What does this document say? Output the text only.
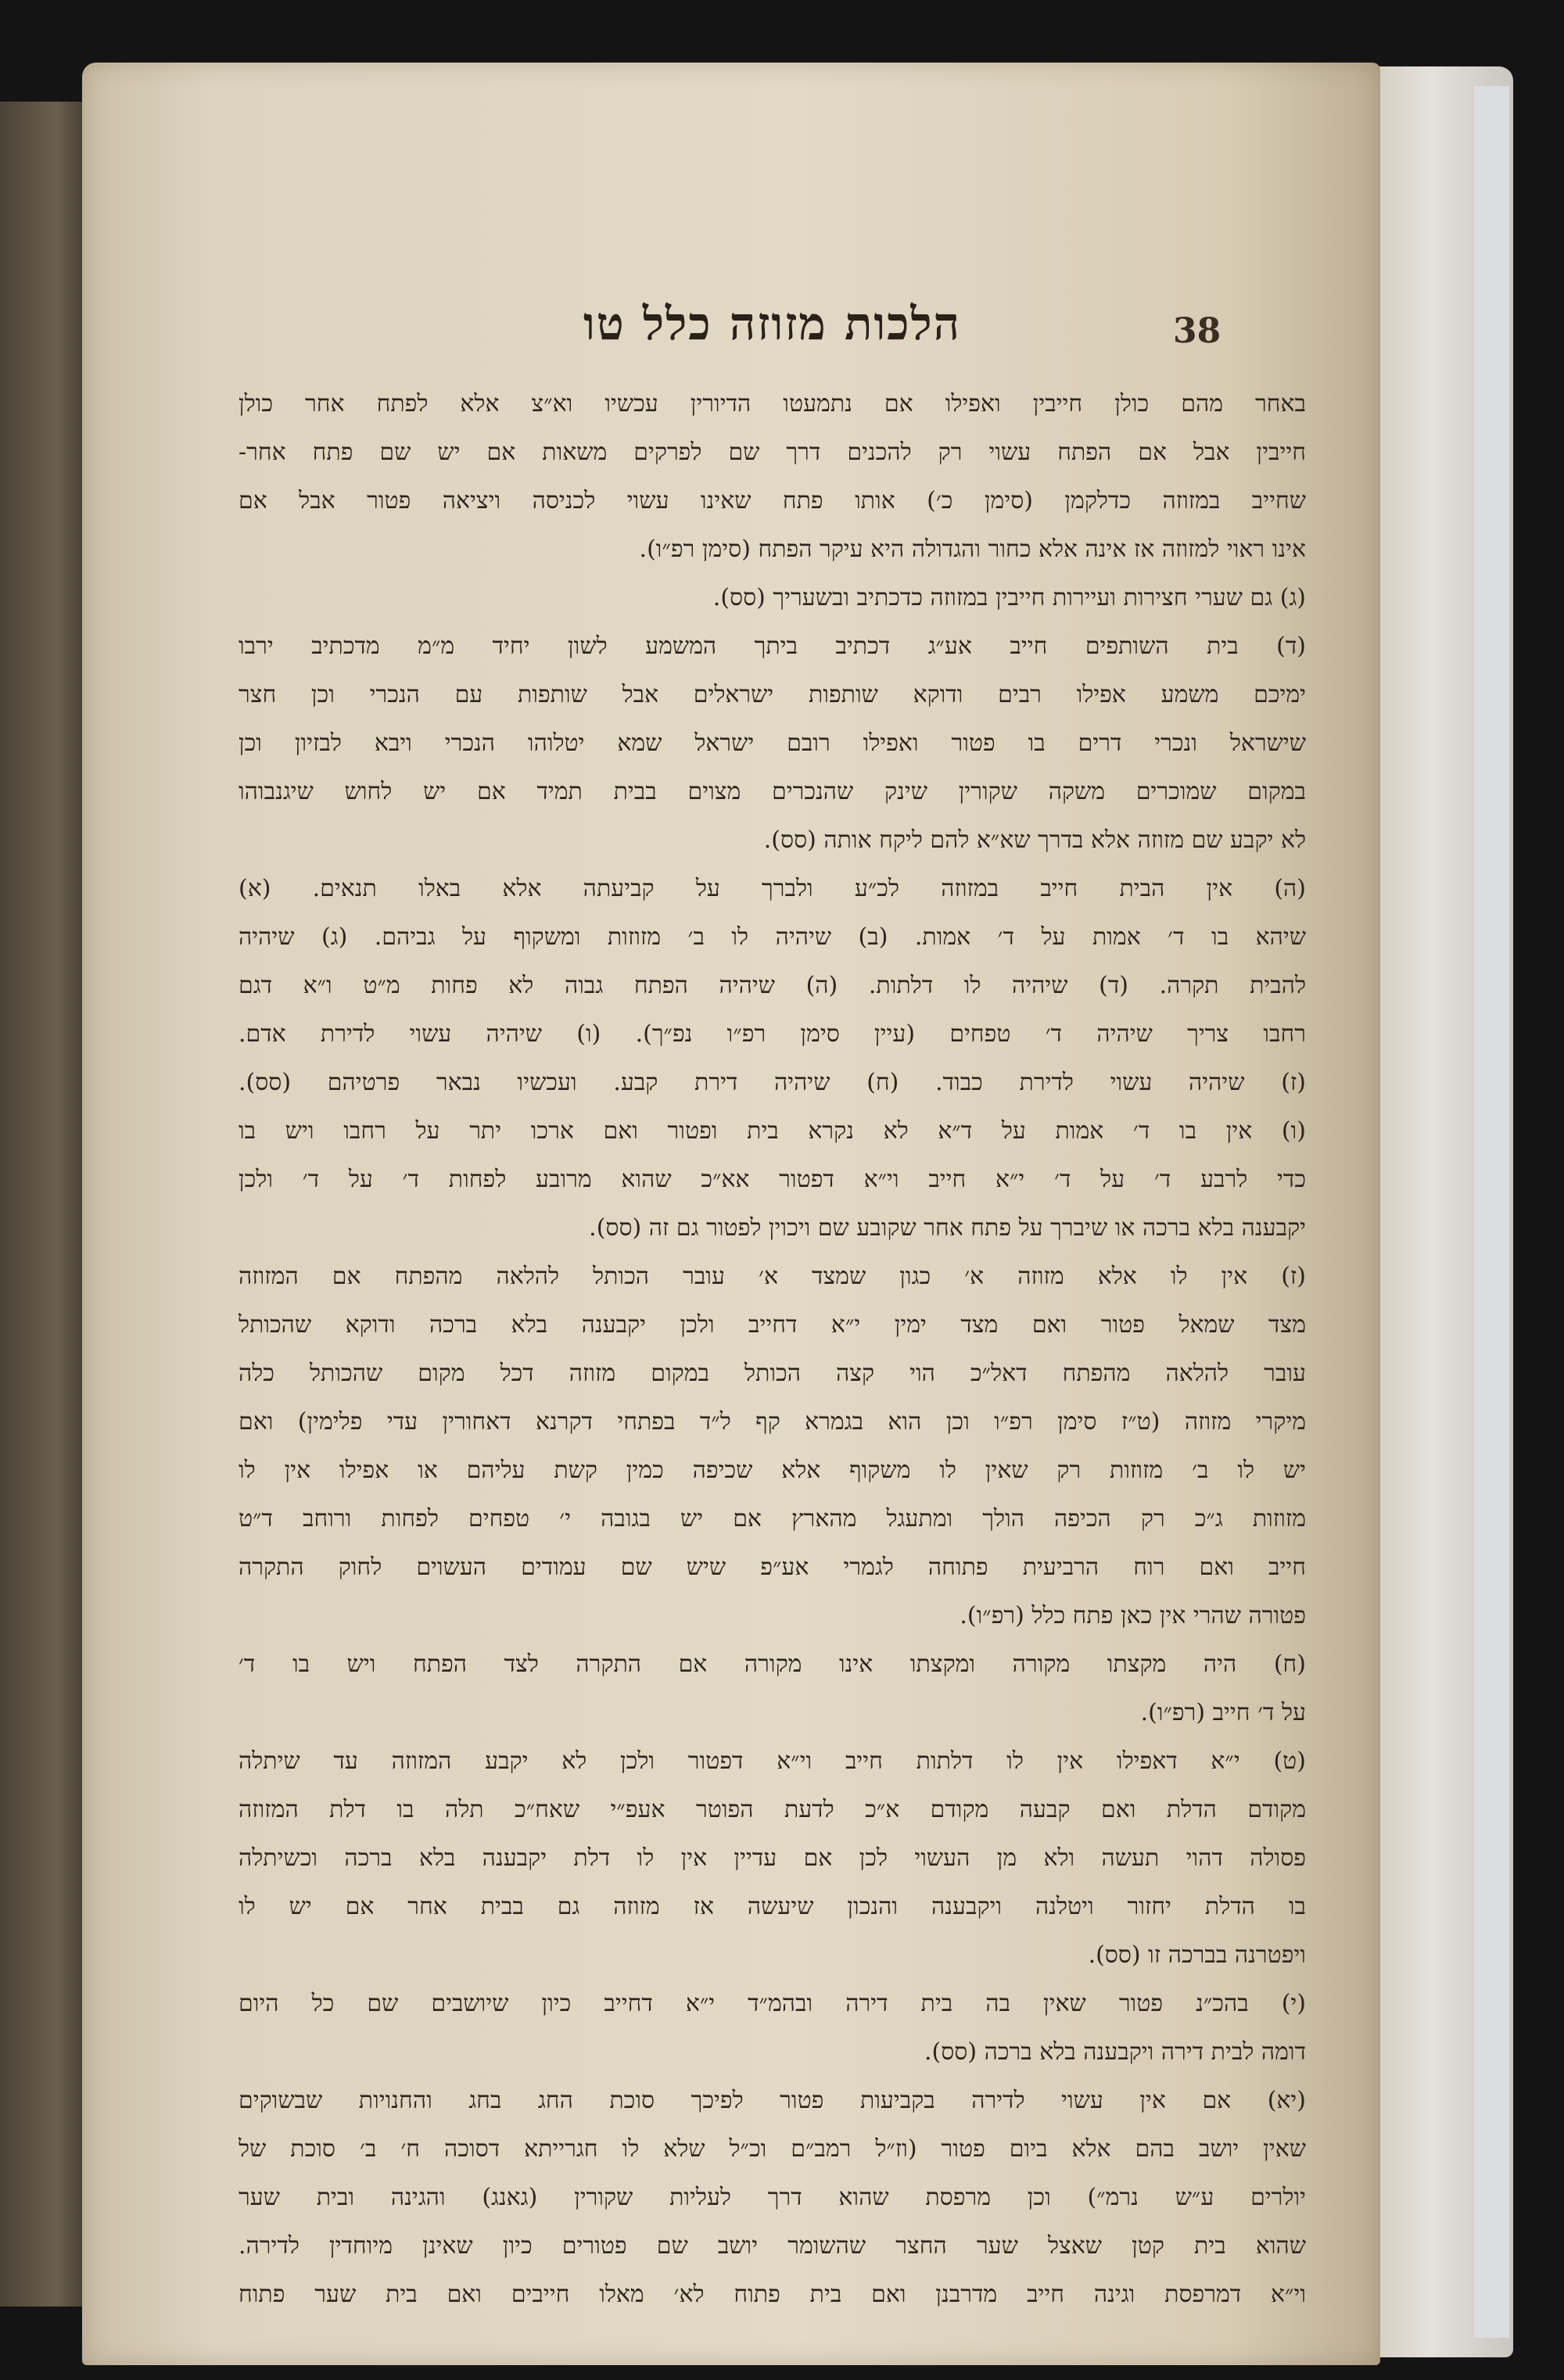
38
הלכות מזוזה כלל טו
באחר מהם כולן חייבין ואפילו אם נתמעטו הדיורין עכשיו וא״צ אלא לפתח אחר כולן
חייבין אבל אם הפתח עשוי רק להכנים דרך שם לפרקים משאות אם יש שם פתח אחר-
שחייב במזוזה כדלקמן (סימן כ׳) אותו פתח שאינו עשוי לכניסה ויציאה פטור אבל אם
אינו ראוי למזוזה אז אינה אלא כחור והגדולה היא עיקר הפתח (סימן רפ״ו).
(ג) גם שערי חצירות ועיירות חייבין במזוזה כדכתיב ובשעריך (סס).
(ד) בית השותפים חייב אע״ג דכתיב ביתך המשמע לשון יחיד מ״מ מדכתיב ירבו
ימיכם משמע אפילו רבים ודוקא שותפות ישראלים אבל שותפות עם הנכרי וכן חצר
שישראל ונכרי דרים בו פטור ואפילו רובם ישראל שמא יטלוהו הנכרי ויבא לבזיון וכן
במקום שמוכרים משקה שקורין שינק שהנכרים מצוים בבית תמיד אם יש לחוש שיגנבוהו
לא יקבע שם מזוזה אלא בדרך שא״א להם ליקח אותה (סס).
(ה) אין הבית חייב במזוזה לכ״ע ולברך על קביעתה אלא באלו תנאים. (א)
שיהא בו ד׳ אמות על ד׳ אמות. (ב) שיהיה לו ב׳ מזוזות ומשקוף על גביהם. (ג) שיהיה
להבית תקרה. (ד) שיהיה לו דלתות. (ה) שיהיה הפתח גבוה לא פחות מ״ט ו״א דגם
רחבו צריך שיהיה ד׳ טפחים (עיין סימן רפ״ו נפ״ך). (ו) שיהיה עשוי לדירת אדם.
(ז) שיהיה עשוי לדירת כבוד. (ח) שיהיה דירת קבע. ועכשיו נבאר פרטיהם (סס).
(ו) אין בו ד׳ אמות על ד״א לא נקרא בית ופטור ואם ארכו יתר על רחבו ויש בו
כדי לרבע ד׳ על ד׳ י״א חייב וי״א דפטור אא״כ שהוא מרובע לפחות ד׳ על ד׳ ולכן
יקבענה בלא ברכה או שיברך על פתח אחר שקובע שם ויכוין לפטור גם זה (סס).
(ז) אין לו אלא מזוזה א׳ כגון שמצד א׳ עובר הכותל להלאה מהפתח אם המזוזה
מצד שמאל פטור ואם מצד ימין י״א דחייב ולכן יקבענה בלא ברכה ודוקא שהכותל
עובר להלאה מהפתח דאל״כ הוי קצה הכותל במקום מזוזה דכל מקום שהכותל כלה
מיקרי מזוזה (ט״ז סימן רפ״ו וכן הוא בגמרא קף ל״ד בפתחי דקרנא דאחורין עדי פלימין) ואם
יש לו ב׳ מזוזות רק שאין לו משקוף אלא שכיפה כמין קשת עליהם או אפילו אין לו
מזוזות ג״כ רק הכיפה הולך ומתעגל מהארץ אם יש בגובה י׳ טפחים לפחות ורוחב ד״ט
חייב ואם רוח הרביעית פתוחה לגמרי אע״פ שיש שם עמודים העשוים לחוק התקרה
פטורה שהרי אין כאן פתח כלל (רפ״ו).
(ח) היה מקצתו מקורה ומקצתו אינו מקורה אם התקרה לצד הפתח ויש בו ד׳
על ד׳ חייב (רפ״ו).
(ט) י״א דאפילו אין לו דלתות חייב וי״א דפטור ולכן לא יקבע המזוזה עד שיתלה
מקודם הדלת ואם קבעה מקודם א״כ לדעת הפוטר אעפ״י שאח״כ תלה בו דלת המזוזה
פסולה דהוי תעשה ולא מן העשוי לכן אם עדיין אין לו דלת יקבענה בלא ברכה וכשיתלה
בו הדלת יחזור ויטלנה ויקבענה והנכון שיעשה אז מזוזה גם בבית אחר אם יש לו
ויפטרנה בברכה זו (סס).
(י) בהכ״נ פטור שאין בה בית דירה ובהמ״ד י״א דחייב כיון שיושבים שם כל היום
דומה לבית דירה ויקבענה בלא ברכה (סס).
(יא) אם אין עשוי לדירה בקביעות פטור לפיכך סוכת החג בחג והחנויות שבשוקים
שאין יושב בהם אלא ביום פטור (וז״ל רמב״ם וכ״ל שלא לו חגרייתא דסוכה ח׳ ב׳ סוכת של
יולרים ע״ש נרמ״) וכן מרפסת שהוא דרך לעליות שקורין (גאנג) והגינה ובית שער
שהוא בית קטן שאצל שער החצר שהשומר יושב שם פטורים כיון שאינן מיוחדין לדירה.
וי״א דמרפסת וגינה חייב מדרבנן ואם בית פתוח לא׳ מאלו חייבים ואם בית שער פתוח
